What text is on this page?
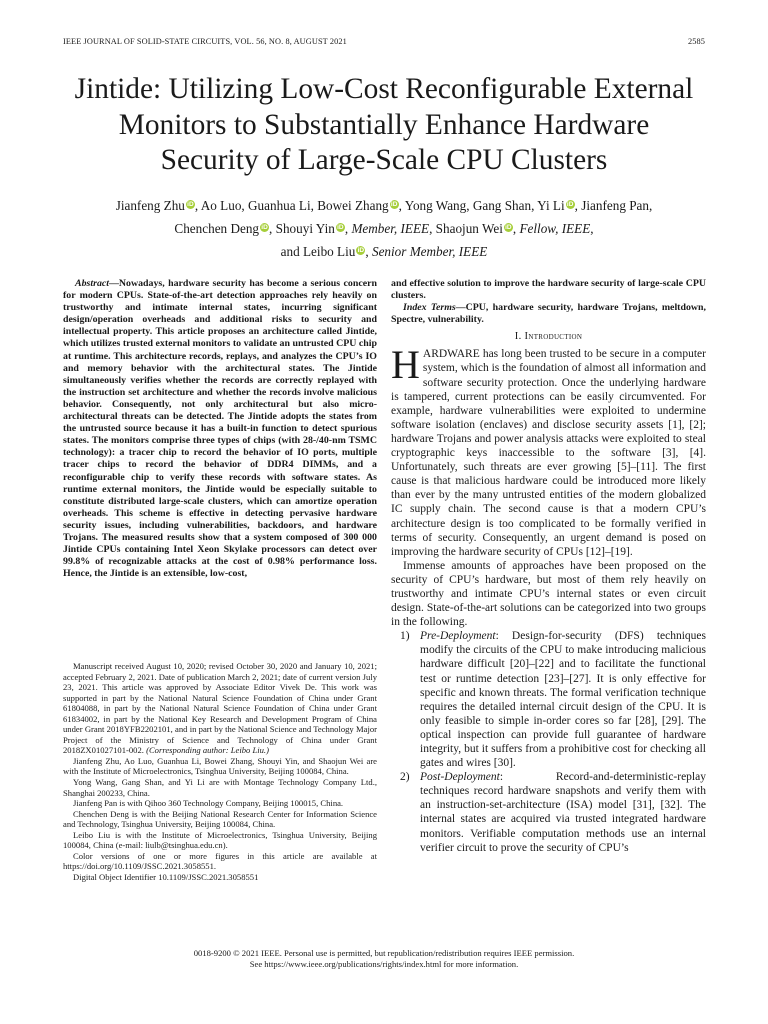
IEEE JOURNAL OF SOLID-STATE CIRCUITS, VOL. 56, NO. 8, AUGUST 2021	2585
Jintide: Utilizing Low-Cost Reconfigurable External
Monitors to Substantially Enhance Hardware
Security of Large-Scale CPU Clusters
Jianfeng Zhu iD, Ao Luo, Guanhua Li, Bowei Zhang iD, Yong Wang, Gang Shan, Yi Li iD, Jianfeng Pan,
Chenchen Deng iD, Shouyi Yin iD, Member, IEEE, Shaojun Wei iD, Fellow, IEEE,
and Leibo Liu iD, Senior Member, IEEE

Abstract—Nowadays, hardware security has become a serious concern for modern CPUs. State-of-the-art detection approaches rely heavily on trustworthy and intimate internal states, incurring significant design/operation overheads and additional risks to security and intellectual property. This article proposes an architecture called Jintide, which utilizes trusted external monitors to validate an untrusted CPU chip at runtime. This architecture records, replays, and analyzes the CPU’s IO and memory behavior with the architectural states. The Jintide simultaneously verifies whether the records are correctly replayed with the instruction set architecture and whether the records involve malicious behavior. Consequently, not only architectural but also micro-architectural threats can be detected. The Jintide adopts the states from the untrusted source because it has a built-in function to detect spurious states. The monitors comprise three types of chips (with 28-/40-nm TSMC technology): a tracer chip to record the behavior of IO ports, multiple tracer chips to record the behavior of DDR4 DIMMs, and a reconfigurable chip to verify these records with software states. As runtime external monitors, the Jintide would be especially suitable to constitute distributed large-scale clusters, which can amortize operation overheads. This scheme is effective in detecting pervasive hardware security issues, including vulnerabilities, backdoors, and hardware Trojans. The measured results show that a system composed of 300 000 Jintide CPUs containing Intel Xeon Skylake processors can detect over 99.8% of recognizable attacks at the cost of 0.98% performance loss. Hence, the Jintide is an extensible, low-cost,

Manuscript received August 10, 2020; revised October 30, 2020 and January 10, 2021; accepted February 2, 2021. Date of publication March 2, 2021; date of current version July 23, 2021. This article was approved by Associate Editor Vivek De. This work was supported in part by the National Natural Science Foundation of China under Grant 61804088, in part by the National Natural Science Foundation of China under Grant 61834002, in part by the National Key Research and Development Program of China under Grant 2018YFB2202101, and in part by the National Science and Technology Major Project of the Ministry of Science and Technology of China under Grant 2018ZX01027101-002. (Corresponding author: Leibo Liu.)

Jianfeng Zhu, Ao Luo, Guanhua Li, Bowei Zhang, Shouyi Yin, and Shaojun Wei are with the Institute of Microelectronics, Tsinghua University, Beijing 100084, China.

Yong Wang, Gang Shan, and Yi Li are with Montage Technology Company Ltd., Shanghai 200233, China.

Jianfeng Pan is with Qihoo 360 Technology Company, Beijing 100015, China.

Chenchen Deng is with the Beijing National Research Center for Information Science and Technology, Tsinghua University, Beijing 100084, China.

Leibo Liu is with the Institute of Microelectronics, Tsinghua University, Beijing 100084, China (e-mail: liulb@tsinghua.edu.cn).

Color versions of one or more figures in this article are available at https://doi.org/10.1109/JSSC.2021.3058551.

Digital Object Identifier 10.1109/JSSC.2021.3058551

and effective solution to improve the hardware security of large-scale CPU clusters.

Index Terms—CPU, hardware security, hardware Trojans, meltdown, Spectre, vulnerability.

I. Introduction

HARDWARE has long been trusted to be secure in a computer system, which is the foundation of almost all information and software security protection. Once the underlying hardware is tampered, current protections can be easily circumvented. For example, hardware vulnerabilities were exploited to undermine software isolation (enclaves) and disclose security assets [1], [2]; hardware Trojans and power analysis attacks were exploited to steal cryptographic keys inaccessible to the software [3], [4]. Unfortunately, such threats are ever growing [5]–[11]. The first cause is that malicious hardware could be introduced more likely than ever by the many untrusted entities of the modern globalized IC supply chain. The second cause is that a modern CPU’s architecture design is too complicated to be formally verified in terms of security. Consequently, an urgent demand is posed on improving the hardware security of CPUs [12]–[19].

Immense amounts of approaches have been proposed on the security of CPU’s hardware, but most of them rely heavily on trustworthy and intimate CPU’s internal states or even circuit design. State-of-the-art solutions can be categorized into two groups in the following.

1) Pre-Deployment: Design-for-security (DFS) techniques modify the circuits of the CPU to make introducing malicious hardware difficult [20]–[22] and to facilitate the functional test or runtime detection [23]–[27]. It is only effective for specific and known threats. The formal verification technique requires the detailed internal circuit design of the CPU. It is only feasible to simple in-order cores so far [28], [29]. The optical inspection can provide full guarantee of hardware integrity, but it suffers from a prohibitive cost for checking all gates and wires [30].
2) Post-Deployment: Record-and-deterministic-replay techniques record hardware snapshots and verify them with an instruction-set-architecture (ISA) model [31], [32]. The internal states are acquired via trusted integrated hardware monitors. Verifiable computation methods use an internal verifier circuit to prove the security of CPU’s
0018-9200 © 2021 IEEE. Personal use is permitted, but republication/redistribution requires IEEE permission.
See https://www.ieee.org/publications/rights/index.html for more information.
